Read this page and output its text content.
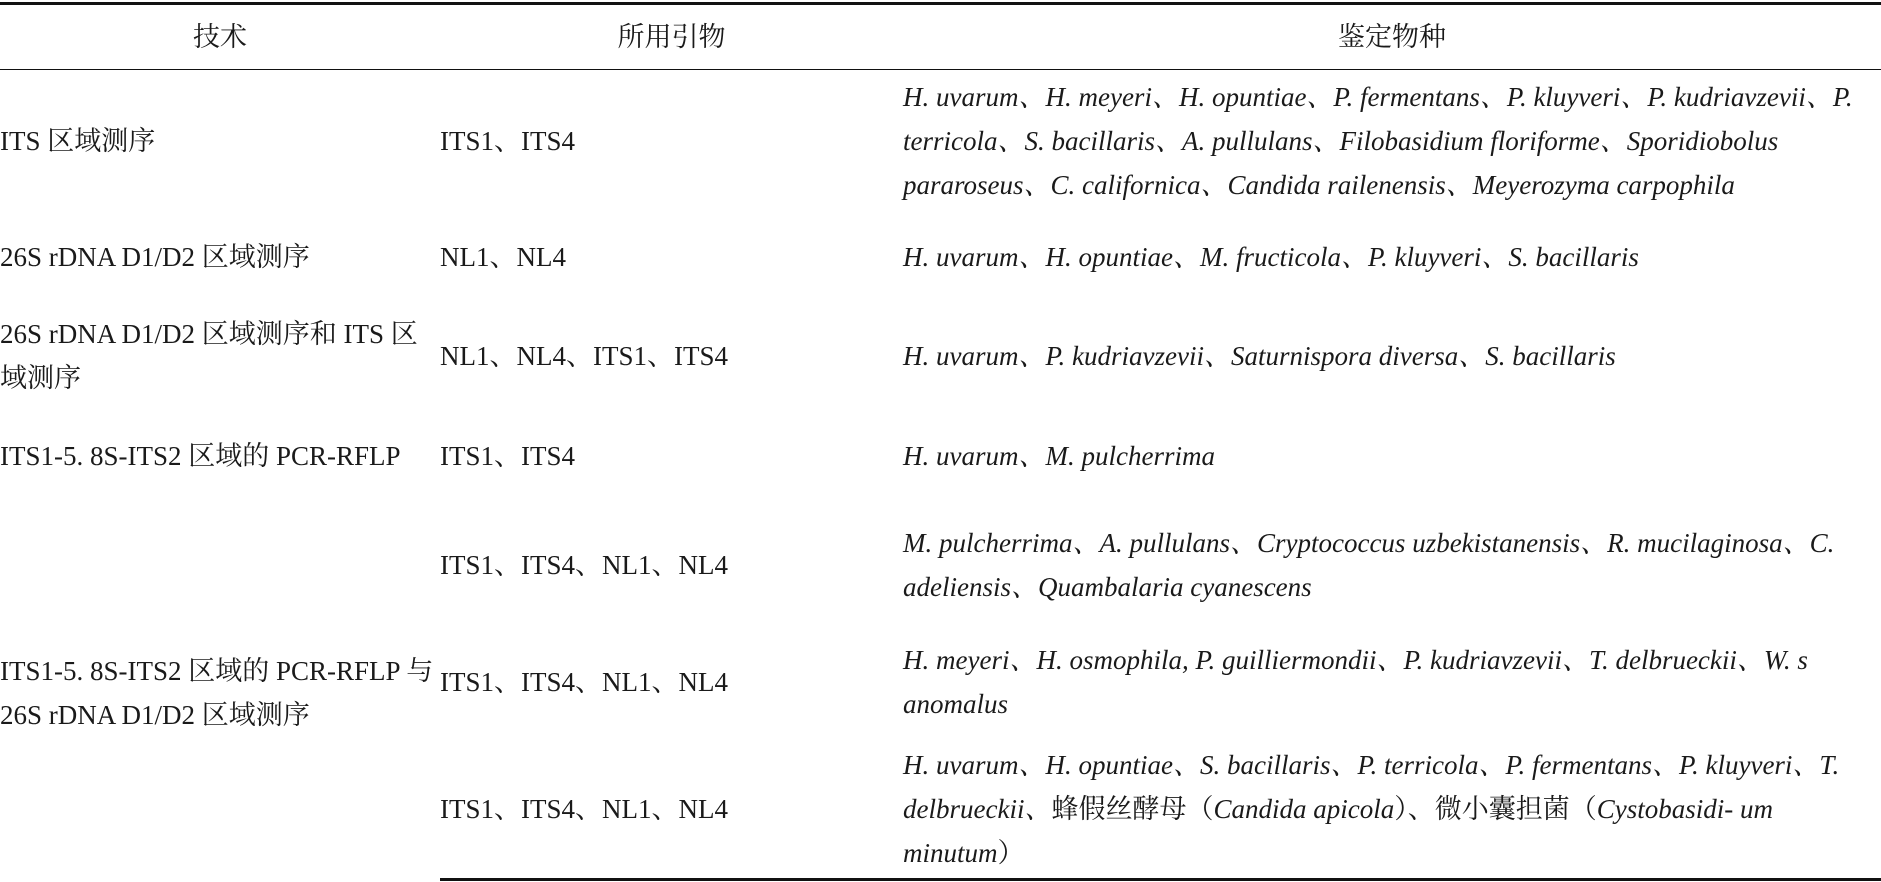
技术	所用引物	鉴定物种
ITS 区域测序	ITS1、ITS4	H. uvarum、H. meyeri、H. opuntiae、P. fermentans、P. kluyveri、P. kudriavzevii、P. terricola、S. bacillaris、A. pullulans、Filobasidium floriforme、Sporidiobolus pararoseus、C. californica、Candida railenensis、Meyerozyma carpophila
26S rDNA D1/D2 区域测序	NL1、NL4	H. uvarum、H. opuntiae、M. fructicola、P. kluyveri、S. bacillaris
26S rDNA D1/D2 区域测序和 ITS 区域测序	NL1、NL4、ITS1、ITS4	H. uvarum、P. kudriavzevii、Saturnispora diversa、S. bacillaris
ITS1-5. 8S-ITS2 区域的 PCR-RFLP	ITS1、ITS4	H. uvarum、M. pulcherrima
ITS1-5. 8S-ITS2 区域的 PCR-RFLP 与 26S rDNA D1/D2 区域测序	ITS1、ITS4、NL1、NL4	M. pulcherrima、A. pullulans、Cryptococcus uzbekistanensis、R. mucilaginosa、C. adeliensis、Quambalaria cyanescens
	ITS1、ITS4、NL1、NL4	H. meyeri、H. osmophila, P. guilliermondii、P. kudriavzevii、T. delbrueckii、W. s anomalus
	ITS1、ITS4、NL1、NL4	H. uvarum、H. opuntiae、S. bacillaris、P. terricola、P. fermentans、P. kluyveri、T. delbrueckii、蜂假丝酵母（Candida apicola）、微小囊担菌（Cystobasidi- um minutum）
